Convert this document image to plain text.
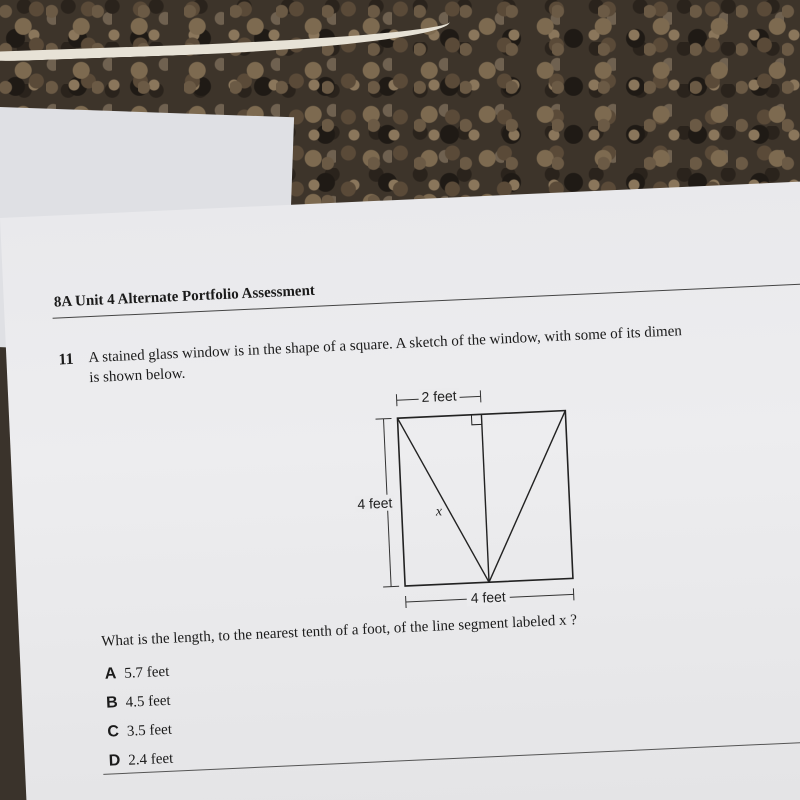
8A Unit 4 Alternate Portfolio Assessment
11 A stained glass window is in the shape of a square. A sketch of the window, with some of its dimen
is shown below.
2 feet
4 feet
4 feet
x
What is the length, to the nearest tenth of a foot, of the line segment labeled x ?
A 5.7 feet
B 4.5 feet
C 3.5 feet
D 2.4 feet
